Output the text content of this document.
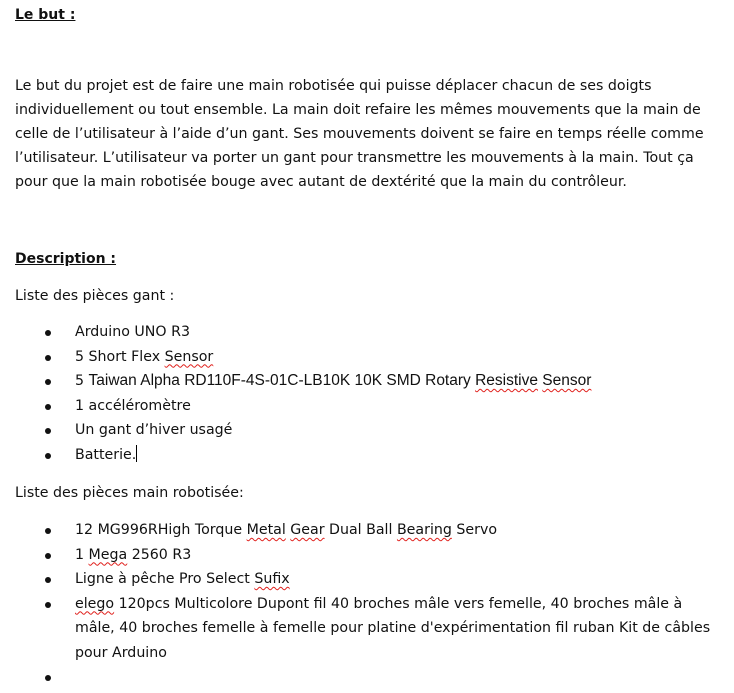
Le but :

Le but du projet est de faire une main robotisée qui puisse déplacer chacun de ses doigts individuellement ou tout ensemble. La main doit refaire les mêmes mouvements que la main de celle de l’utilisateur à l’aide d’un gant. Ses mouvements doivent se faire en temps réelle comme l’utilisateur. L’utilisateur va porter un gant pour transmettre les mouvements à la main. Tout ça pour que la main robotisée bouge avec autant de dextérité que la main du contrôleur.

Description :

Liste des pièces gant :

Arduino UNO R3
5 Short Flex Sensor
5 Taiwan Alpha RD110F-4S-01C-LB10K 10K SMD Rotary Resistive Sensor
1 accéléromètre
Un gant d’hiver usagé
Batterie.

Liste des pièces main robotisée:

12 MG996RHigh Torque Metal Gear Dual Ball Bearing Servo
1 Mega 2560 R3
Ligne à pêche Pro Select Sufix
elego 120pcs Multicolore Dupont fil 40 broches mâle vers femelle, 40 broches mâle à mâle, 40 broches femelle à femelle pour platine d'expérimentation fil ruban Kit de câbles pour Arduino
